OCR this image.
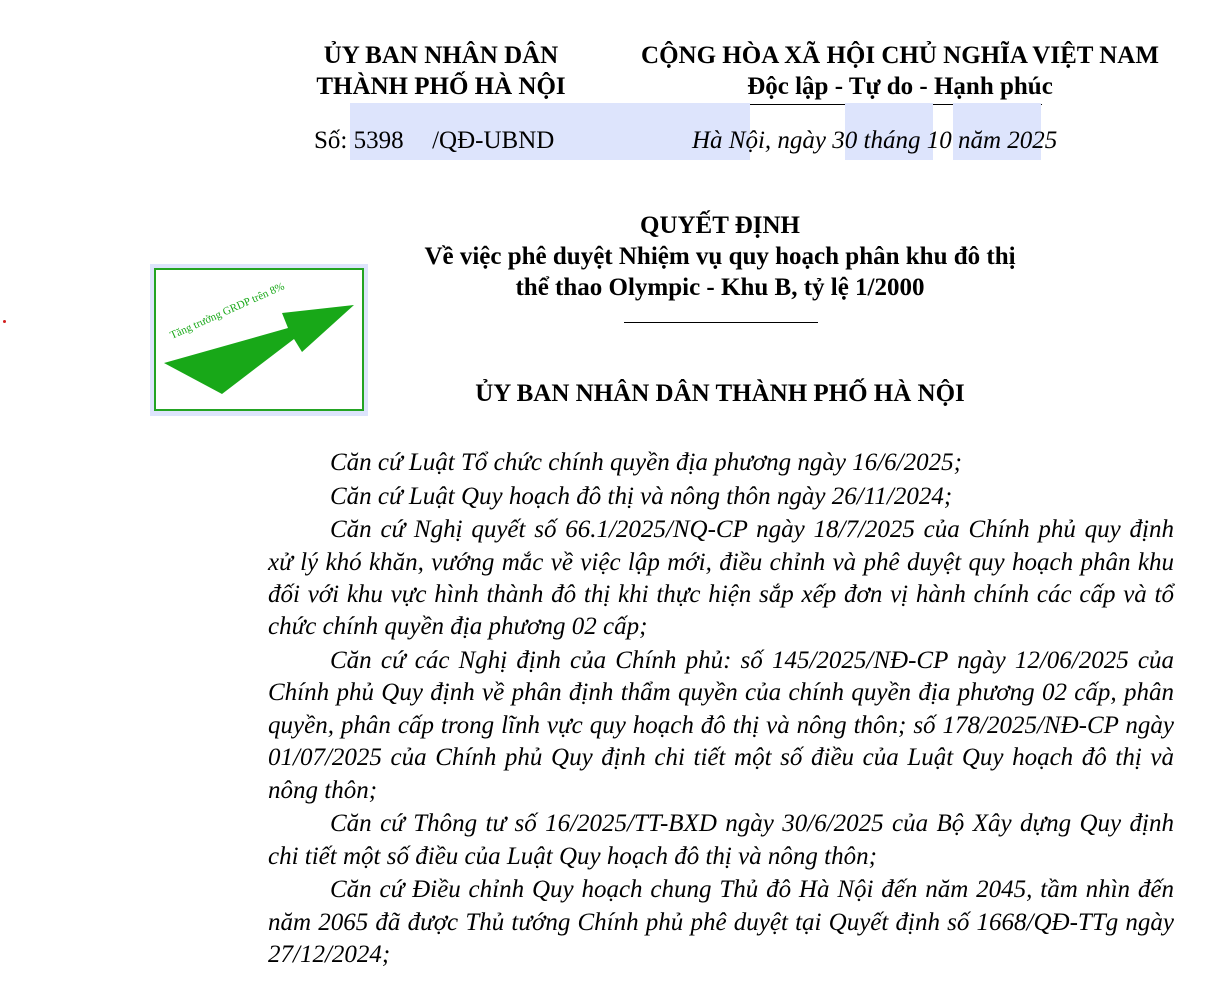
ỦY BAN NHÂN DÂN
THÀNH PHỐ HÀ NỘI
CỘNG HÒA XÃ HỘI CHỦ NGHĨA VIỆT NAM
Độc lập - Tự do - Hạnh phúc
Số: 5398 /QĐ-UBND	Hà Nội, ngày 30 tháng 10 năm 2025
QUYẾT ĐỊNH
Về việc phê duyệt Nhiệm vụ quy hoạch phân khu đô thị
thể thao Olympic - Khu B, tỷ lệ 1/2000
Tăng trưởng GRDP trên 8%
ỦY BAN NHÂN DÂN THÀNH PHỐ HÀ NỘI

Căn cứ Luật Tổ chức chính quyền địa phương ngày 16/6/2025;

Căn cứ Luật Quy hoạch đô thị và nông thôn ngày 26/11/2024;

Căn cứ Nghị quyết số 66.1/2025/NQ-CP ngày 18/7/2025 của Chính phủ quy định xử lý khó khăn, vướng mắc về việc lập mới, điều chỉnh và phê duyệt quy hoạch phân khu đối với khu vực hình thành đô thị khi thực hiện sắp xếp đơn vị hành chính các cấp và tổ chức chính quyền địa phương 02 cấp;

Căn cứ các Nghị định của Chính phủ: số 145/2025/NĐ-CP ngày 12/06/2025 của Chính phủ Quy định về phân định thẩm quyền của chính quyền địa phương 02 cấp, phân quyền, phân cấp trong lĩnh vực quy hoạch đô thị và nông thôn; số 178/2025/NĐ-CP ngày 01/07/2025 của Chính phủ Quy định chi tiết một số điều của Luật Quy hoạch đô thị và nông thôn;

Căn cứ Thông tư số 16/2025/TT-BXD ngày 30/6/2025 của Bộ Xây dựng Quy định chi tiết một số điều của Luật Quy hoạch đô thị và nông thôn;

Căn cứ Điều chỉnh Quy hoạch chung Thủ đô Hà Nội đến năm 2045, tầm nhìn đến năm 2065 đã được Thủ tướng Chính phủ phê duyệt tại Quyết định số 1668/QĐ-TTg ngày 27/12/2024;
